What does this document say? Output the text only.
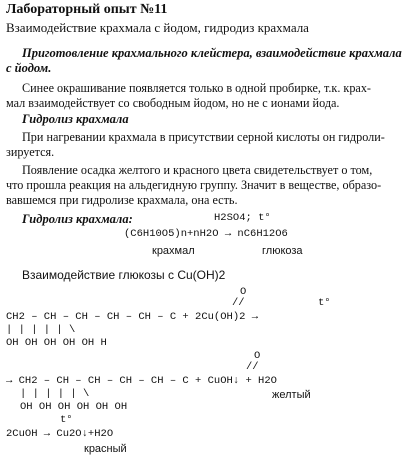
Лабораторный опыт №11
Взаимодействие крахмала с йодом, гидродиз крахмала
Приготовление крахмального клейстера, взаимодействие крахмала
с йодом.
Синее окрашивание появляется только в одной пробирке, т.к. крах-
мал взаимодействует со свободным йодом, но не с ионами йода.
Гидролиз крахмала
При нагревании крахмала в присутствии серной кислоты он гидроли-
зируется.
Появление осадка желтого и красного цвета свидетельствует о том,
что прошла реакция на альдегидную группу. Значит в веществе, образо-
вавшемся при гидролизе крахмала, она есть.
Гидролиз крахмала:	H2SO4; t°
(C6H10O5)n+nH2O → nC6H12O6
крахмал	глюкоза
Взаимодействие глюкозы с Cu(OH)2
O
//	t°
CH2 – CH – CH – CH – CH – C + 2Cu(OH)2 →
| | | | | \
OH OH OH OH OH H
O
//
→ CH2 – CH – CH – CH – CH – C + CuOH↓ + H2O
| | | | | \
OH OH OH OH OH OH
желтый
t°
2CuOH → Cu2O↓+H2O
красный
